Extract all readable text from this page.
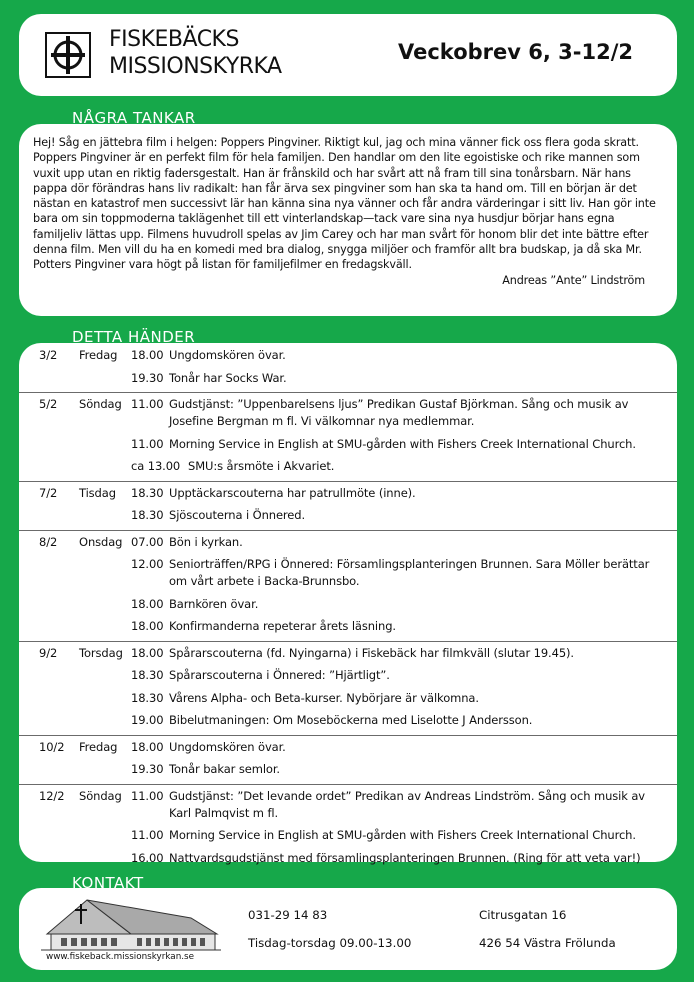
FISKEBÄCKS
MISSIONSKYRKA
Veckobrev 6, 3-12/2
NÅGRA TANKAR

Hej! Såg en jättebra film i helgen: Poppers Pingviner. Riktigt kul, jag och mina vänner fick oss flera goda skratt. Poppers Pingviner är en perfekt film för hela familjen. Den handlar om den lite egoistiske och rike mannen som vuxit upp utan en riktig fadersgestalt. Han är frånskild och har svårt att nå fram till sina tonårsbarn. När hans pappa dör förändras hans liv radikalt: han får ärva sex pingviner som han ska ta hand om. Till en början är det nästan en katastrof men successivt lär han känna sina nya vänner och får andra värderingar i sitt liv. Han gör inte bara om sin toppmoderna taklägenhet till ett vinterlandskap—tack vare sina nya husdjur börjar hans egna familjeliv lättas upp. Filmens huvudroll spelas av Jim Carey och har man svårt för honom blir det inte bättre efter denna film. Men vill du ha en komedi med bra dialog, snygga miljöer och framför allt bra budskap, ja då ska Mr. Potters Pingviner vara högt på listan för familjefilmer en fredagskväll.

Andreas ”Ante” Lindström

DETTA HÄNDER
3/2 Fredag 18.00 Ungdomskören övar.
19.30 Tonår har Socks War.
5/2 Söndag 11.00 Gudstjänst: ”Uppenbarelsens ljus” Predikan Gustaf Björkman. Sång och musik av Josefine Bergman m fl. Vi välkomnar nya medlemmar.
11.00 Morning Service in English at SMU-gården with Fishers Creek International Church.
ca 13.00 SMU:s årsmöte i Akvariet.
7/2 Tisdag 18.30 Upptäckarscouterna har patrullmöte (inne).
18.30 Sjöscouterna i Önnered.
8/2 Onsdag 07.00 Bön i kyrkan.
12.00 Seniorträffen/RPG i Önnered: Församlingsplanteringen Brunnen. Sara Möller berättar om vårt arbete i Backa-Brunnsbo.
18.00 Barnkören övar.
18.00 Konfirmanderna repeterar årets läsning.
9/2 Torsdag 18.00 Spårarscouterna (fd. Nyingarna) i Fiskebäck har filmkväll (slutar 19.45).
18.30 Spårarscouterna i Önnered: ”Hjärtligt”.
18.30 Vårens Alpha- och Beta-kurser. Nybörjare är välkomna.
19.00 Bibelutmaningen: Om Moseböckerna med Liselotte J Andersson.
10/2 Fredag 18.00 Ungdomskören övar.
19.30 Tonår bakar semlor.
12/2 Söndag 11.00 Gudstjänst: ”Det levande ordet” Predikan av Andreas Lindström. Sång och musik av Karl Palmqvist m fl.
11.00 Morning Service in English at SMU-gården with Fishers Creek International Church.
16.00 Nattvardsgudstjänst med församlingsplanteringen Brunnen. (Ring för att veta var!)
KONTAKT
www.fiskeback.missionskyrkan.se
031-29 14 83
Tisdag-torsdag 09.00-13.00
Citrusgatan 16
426 54 Västra Frölunda
